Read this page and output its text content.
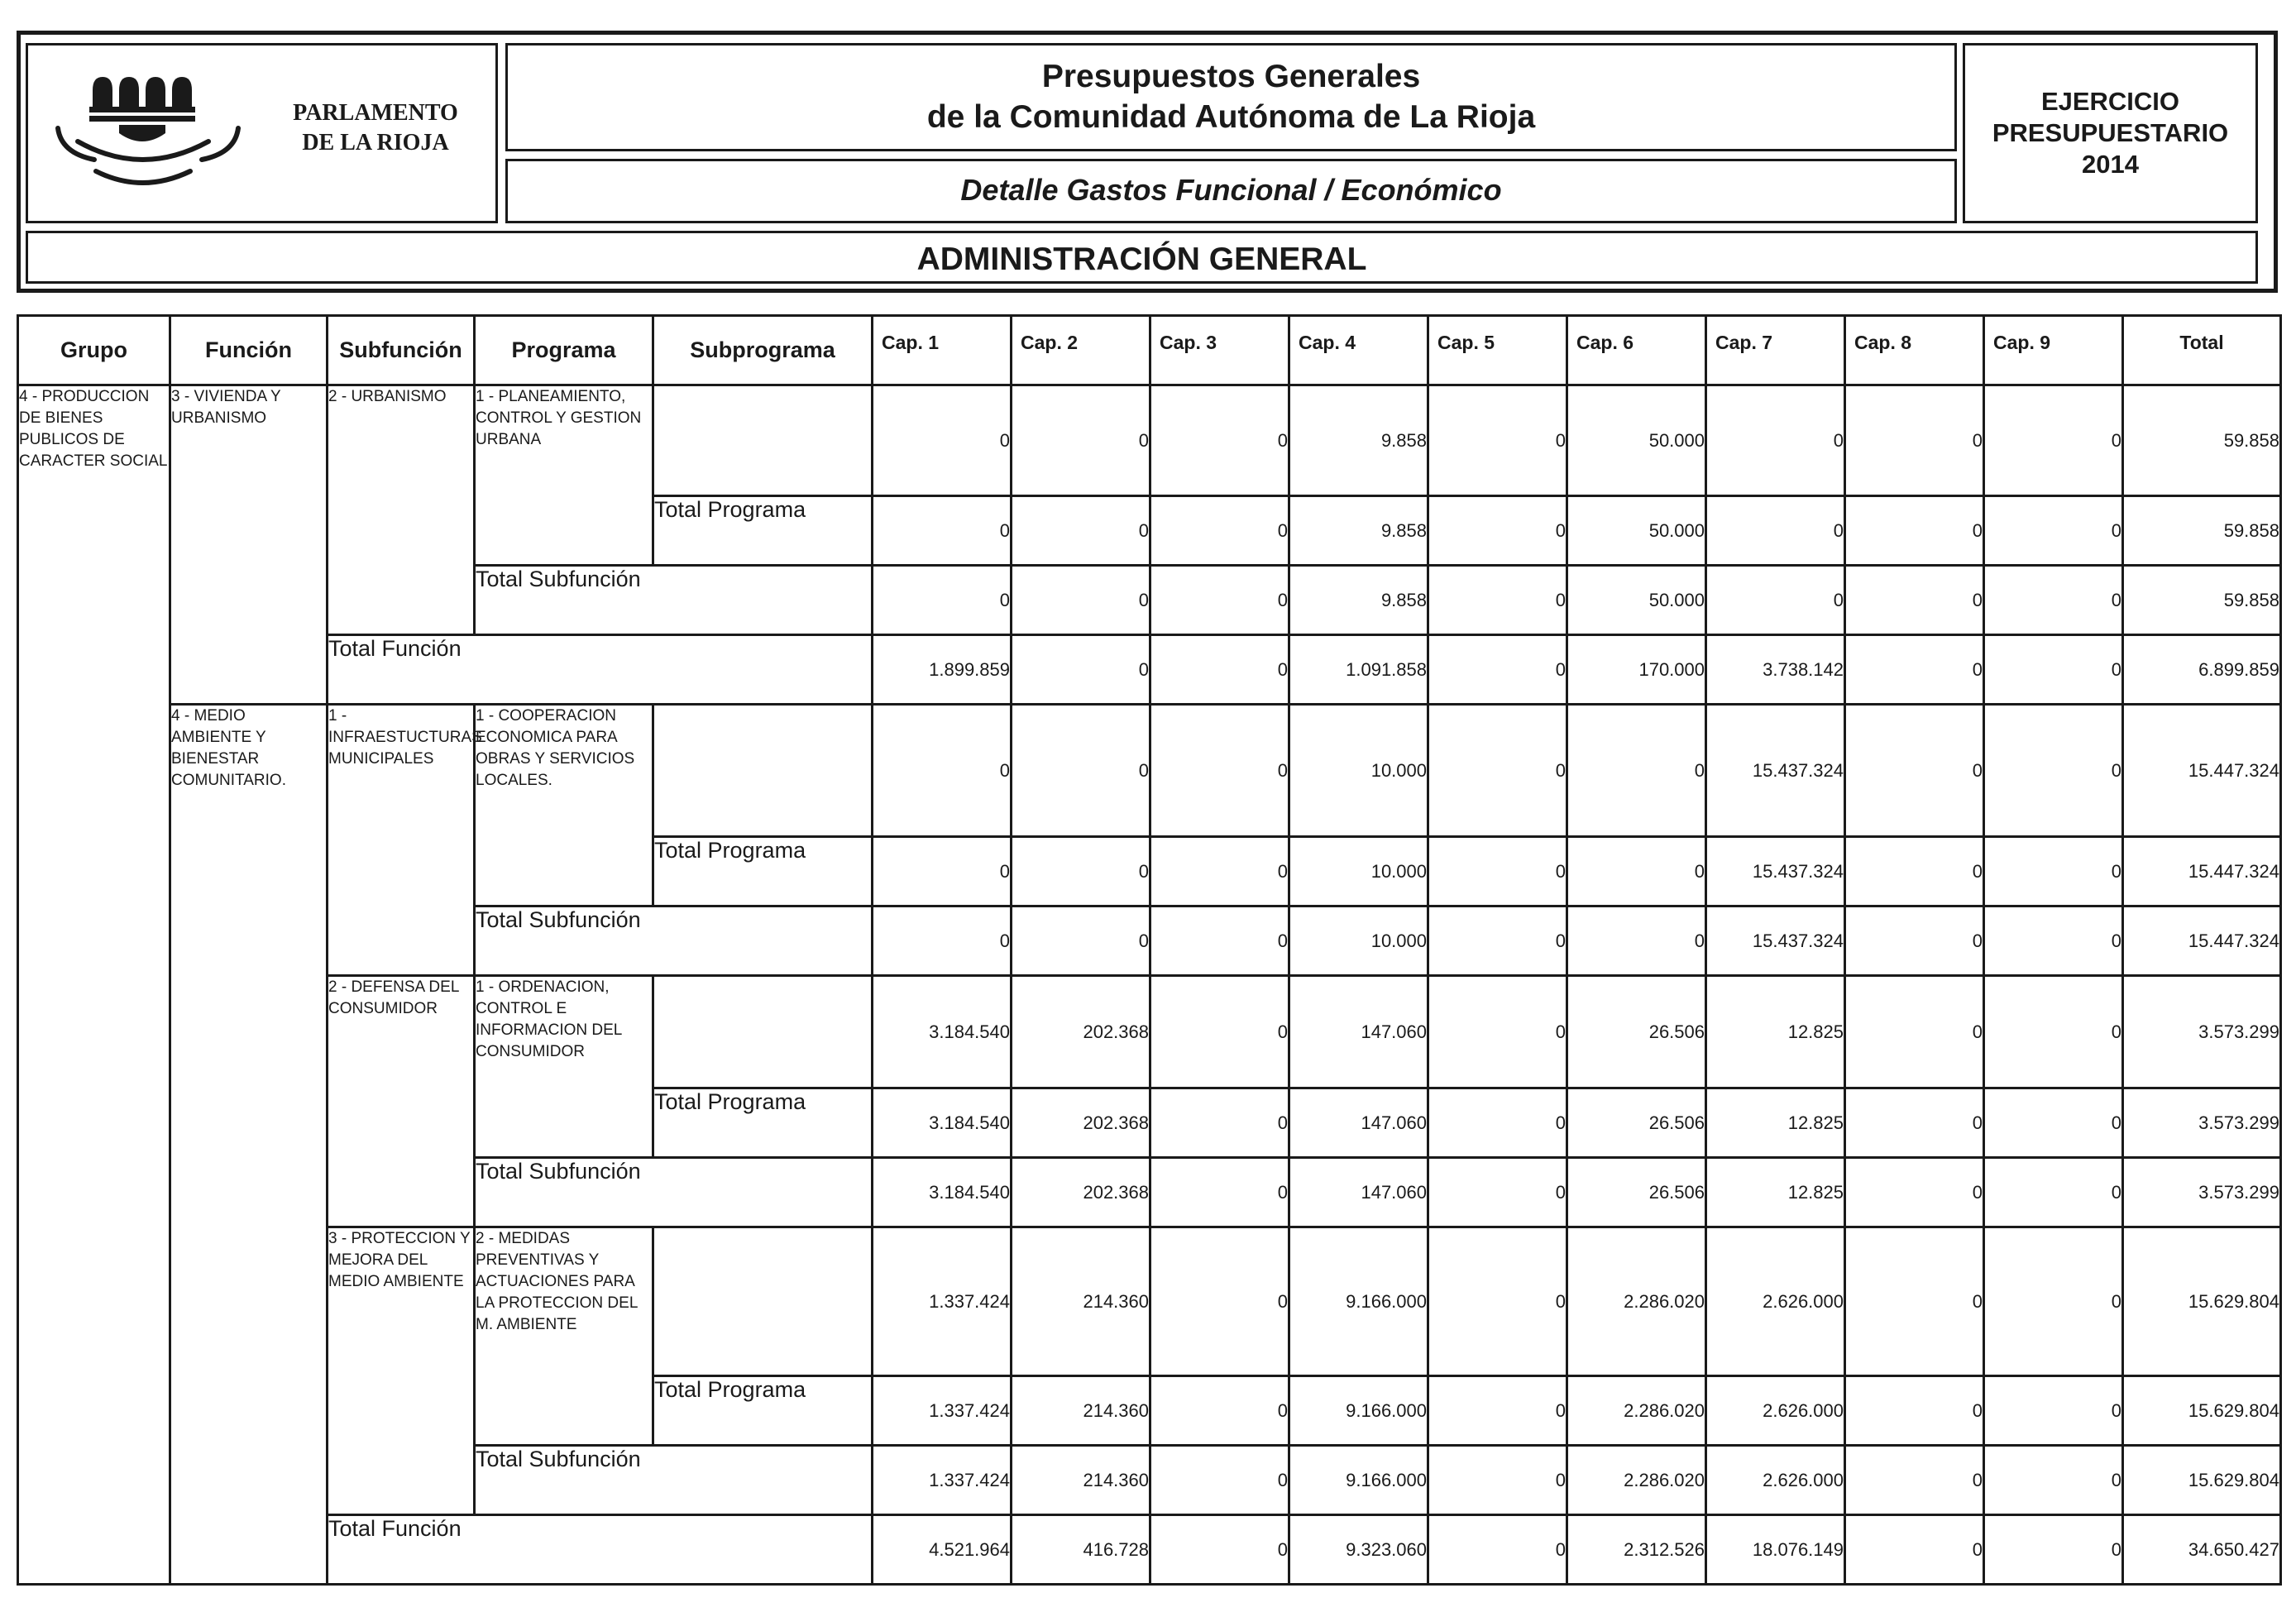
PARLAMENTO
DE LA RIOJA
Presupuestos Generales
de la Comunidad Autónoma de La Rioja
Detalle Gastos Funcional / Económico
EJERCICIO
PRESUPUESTARIO
2014
ADMINISTRACIÓN GENERAL
Grupo	Función	Subfunción	Programa	Subprograma	Cap. 1	Cap. 2	Cap. 3	Cap. 4	Cap. 5	Cap. 6	Cap. 7	Cap. 8	Cap. 9	Total
4 - PRODUCCION DE BIENES PUBLICOS DE CARACTER SOCIAL	3 - VIVIENDA Y URBANISMO	2 - URBANISMO	1 - PLANEAMIENTO, CONTROL Y GESTION URBANA		0	0	0	9.858	0	50.000	0	0	0	59.858
				Total Programa	0	0	0	9.858	0	50.000	0	0	0	59.858
			Total Subfunción		0	0	0	9.858	0	50.000	0	0	0	59.858
		Total Función			1.899.859	0	0	1.091.858	0	170.000	3.738.142	0	0	6.899.859
	4 - MEDIO AMBIENTE Y BIENESTAR COMUNITARIO.	1 - INFRAESTUCTURAS MUNICIPALES	1 - COOPERACION ECONOMICA PARA OBRAS Y SERVICIOS LOCALES.		0	0	0	10.000	0	0	15.437.324	0	0	15.447.324
				Total Programa	0	0	0	10.000	0	0	15.437.324	0	0	15.447.324
			Total Subfunción		0	0	0	10.000	0	0	15.437.324	0	0	15.447.324
		2 - DEFENSA DEL CONSUMIDOR	1 - ORDENACION, CONTROL E INFORMACION DEL CONSUMIDOR		3.184.540	202.368	0	147.060	0	26.506	12.825	0	0	3.573.299
				Total Programa	3.184.540	202.368	0	147.060	0	26.506	12.825	0	0	3.573.299
			Total Subfunción		3.184.540	202.368	0	147.060	0	26.506	12.825	0	0	3.573.299
		3 - PROTECCION Y MEJORA DEL MEDIO AMBIENTE	2 - MEDIDAS PREVENTIVAS Y ACTUACIONES PARA LA PROTECCION DEL M. AMBIENTE		1.337.424	214.360	0	9.166.000	0	2.286.020	2.626.000	0	0	15.629.804
				Total Programa	1.337.424	214.360	0	9.166.000	0	2.286.020	2.626.000	0	0	15.629.804
			Total Subfunción		1.337.424	214.360	0	9.166.000	0	2.286.020	2.626.000	0	0	15.629.804
		Total Función			4.521.964	416.728	0	9.323.060	0	2.312.526	18.076.149	0	0	34.650.427
